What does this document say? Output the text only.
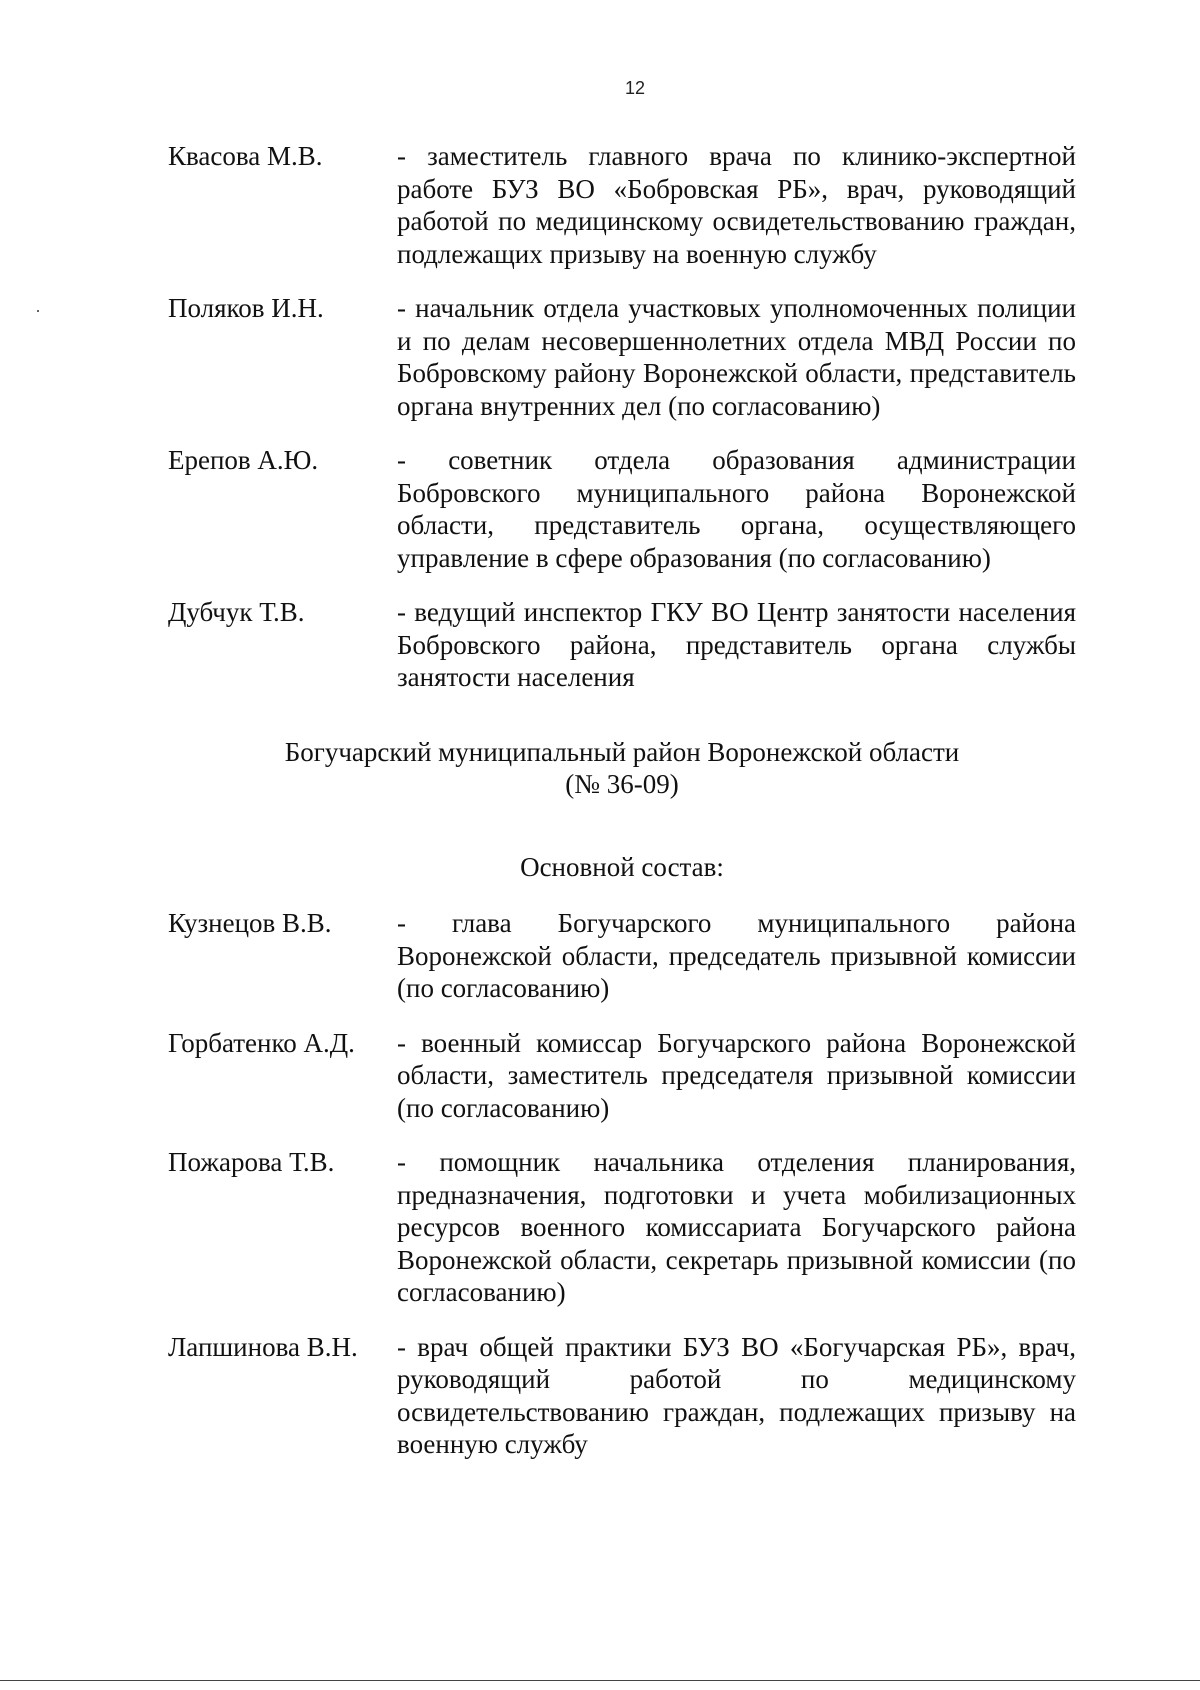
12
Квасова М.В.	- заместитель главного врача по клинико-экспертной работе БУЗ ВО «Бобровская РБ», врач, руководящий работой по медицинскому освидетельствованию граждан, подлежащих призыву на военную службу
Поляков И.Н.	- начальник отдела участковых уполномоченных полиции и по делам несовершеннолетних отдела МВД России по Бобровскому району Воронежской области, представитель органа внутренних дел (по согласованию)
Ерепов А.Ю.	- советник отдела образования администрации Бобровского муниципального района Воронежской области, представитель органа, осуществляющего управление в сфере образования (по согласованию)
Дубчук Т.В.	- ведущий инспектор ГКУ ВО Центр занятости населения Бобровского района, представитель органа службы занятости населения
Богучарский муниципальный район Воронежской области
(№ 36-09)
Основной состав:
Кузнецов В.В.	- глава Богучарского муниципального района Воронежской области, председатель призывной комиссии (по согласованию)
Горбатенко А.Д.	- военный комиссар Богучарского района Воронежской области, заместитель председателя призывной комиссии (по согласованию)
Пожарова Т.В.	- помощник начальника отделения планирования, предназначения, подготовки и учета мобилизационных ресурсов военного комиссариата Богучарского района Воронежской области, секретарь призывной комиссии (по согласованию)
Лапшинова В.Н.	- врач общей практики БУЗ ВО «Богучарская РБ», врач, руководящий работой по медицинскому освидетельствованию граждан, подлежащих призыву на военную службу
